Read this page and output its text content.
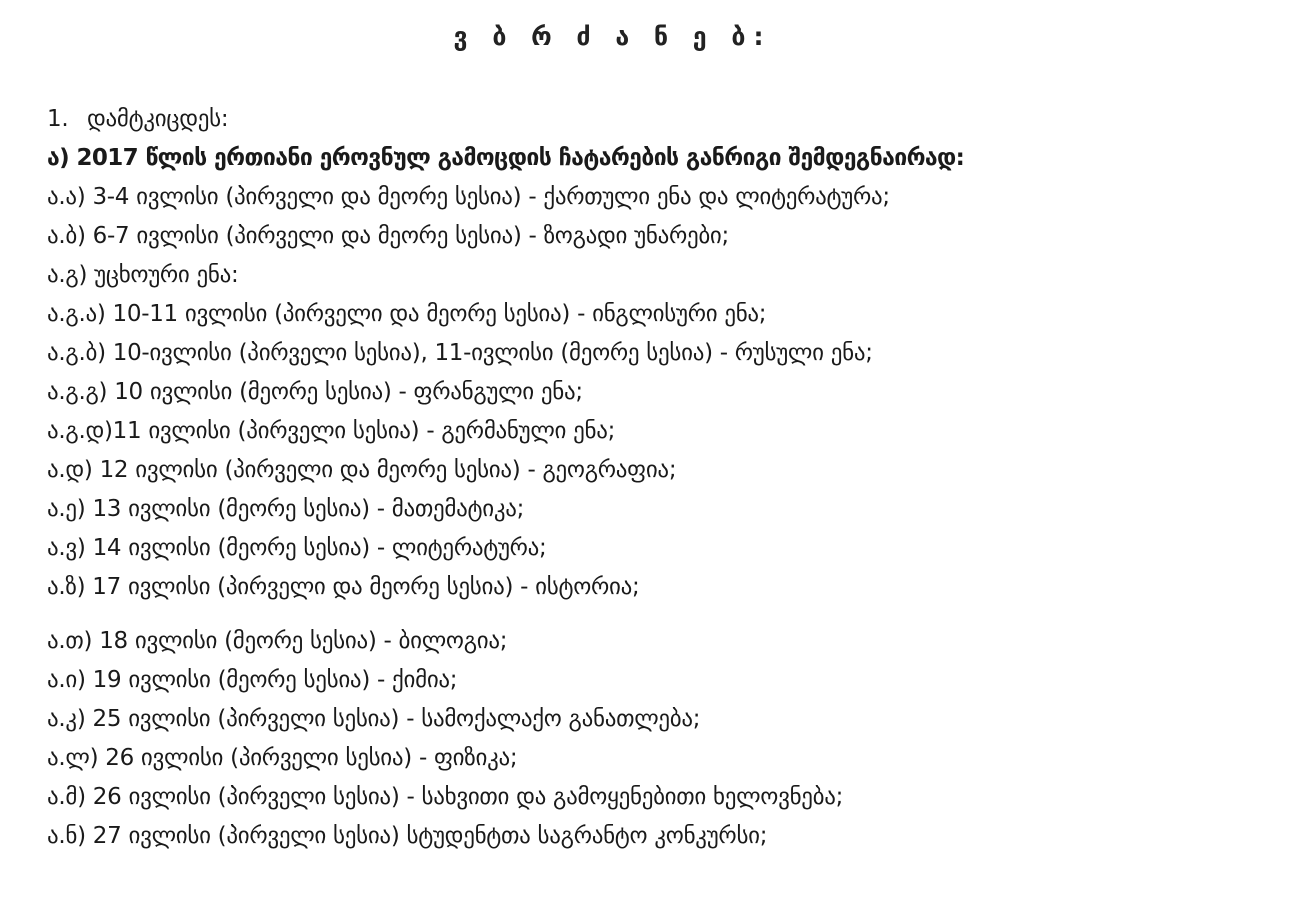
ვ ბ რ ძ ა ნ ე ბ:
1. დამტკიცდეს:
ა) 2017 წლის ერთიანი ეროვნულ გამოცდის ჩატარების განრიგი შემდეგნაირად:
ა.ა) 3-4 ივლისი (პირველი და მეორე სესია) - ქართული ენა და ლიტერატურა;
ა.ბ) 6-7 ივლისი (პირველი და მეორე სესია) - ზოგადი უნარები;
ა.გ) უცხოური ენა:
ა.გ.ა) 10-11 ივლისი (პირველი და მეორე სესია) - ინგლისური ენა;
ა.გ.ბ) 10-ივლისი (პირველი სესია), 11-ივლისი (მეორე სესია) - რუსული ენა;
ა.გ.გ) 10 ივლისი (მეორე სესია) - ფრანგული ენა;
ა.გ.დ)11 ივლისი (პირველი სესია) - გერმანული ენა;
ა.დ) 12 ივლისი (პირველი და მეორე სესია) - გეოგრაფია;
ა.ე) 13 ივლისი (მეორე სესია) - მათემატიკა;
ა.ვ) 14 ივლისი (მეორე სესია) - ლიტერატურა;
ა.ზ) 17 ივლისი (პირველი და მეორე სესია) - ისტორია;
ა.თ) 18 ივლისი (მეორე სესია) - ბილოგია;
ა.ი) 19 ივლისი (მეორე სესია) - ქიმია;
ა.კ) 25 ივლისი (პირველი სესია) - სამოქალაქო განათლება;
ა.ლ) 26 ივლისი (პირველი სესია) - ფიზიკა;
ა.მ) 26 ივლისი (პირველი სესია) - სახვითი და გამოყენებითი ხელოვნება;
ა.ნ) 27 ივლისი (პირველი სესია) სტუდენტთა საგრანტო კონკურსი;
